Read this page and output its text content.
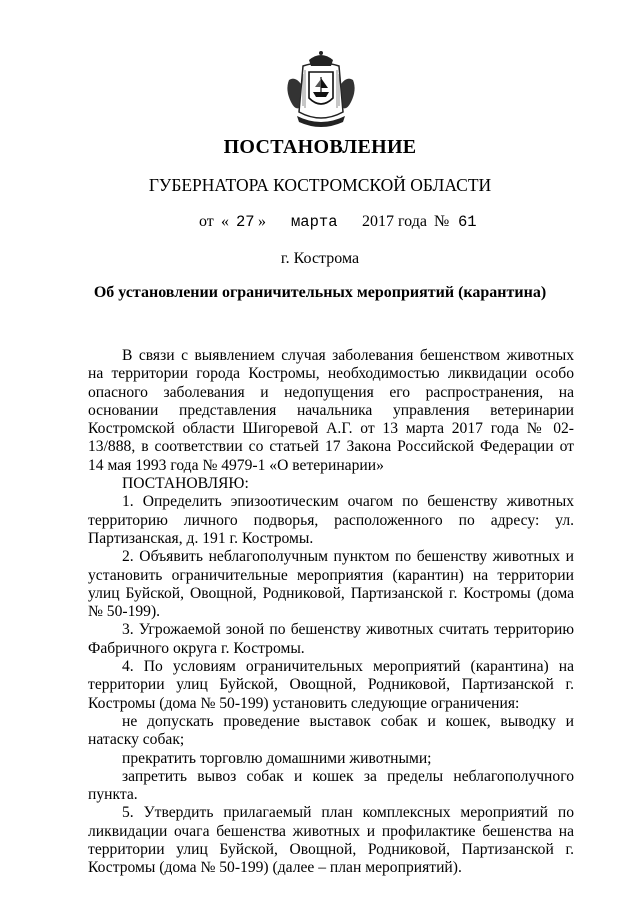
ПОСТАНОВЛЕНИЕ
ГУБЕРНАТОРА КОСТРОМСКОЙ ОБЛАСТИ
от « 27 » марта 2017 года № 61
г. Кострома
Об установлении ограничительных мероприятий (карантина)

В связи с выявлением случая заболевания бешенством животных на территории города Костромы, необходимостью ликвидации особо опасного заболевания и недопущения его распространения, на основании представления начальника управления ветеринарии Костромской области Шигоревой А.Г. от 13 марта 2017 года № 02-13/888, в соответствии со статьей 17 Закона Российской Федерации от 14 мая 1993 года № 4979-1 «О ветеринарии»

ПОСТАНОВЛЯЮ:

1. Определить эпизоотическим очагом по бешенству животных территорию личного подворья, расположенного по адресу: ул. Партизанская, д. 191 г. Костромы.

2. Объявить неблагополучным пунктом по бешенству животных и установить ограничительные мероприятия (карантин) на территории улиц Буйской, Овощной, Родниковой, Партизанской г. Костромы (дома № 50-199).

3. Угрожаемой зоной по бешенству животных считать территорию Фабричного округа г. Костромы.

4. По условиям ограничительных мероприятий (карантина) на территории улиц Буйской, Овощной, Родниковой, Партизанской г. Костромы (дома № 50-199) установить следующие ограничения:

не допускать проведение выставок собак и кошек, выводку и натаску собак;

прекратить торговлю домашними животными;

запретить вывоз собак и кошек за пределы неблагополучного пункта.

5. Утвердить прилагаемый план комплексных мероприятий по ликвидации очага бешенства животных и профилактике бешенства на территории улиц Буйской, Овощной, Родниковой, Партизанской г. Костромы (дома № 50-199) (далее – план мероприятий).
